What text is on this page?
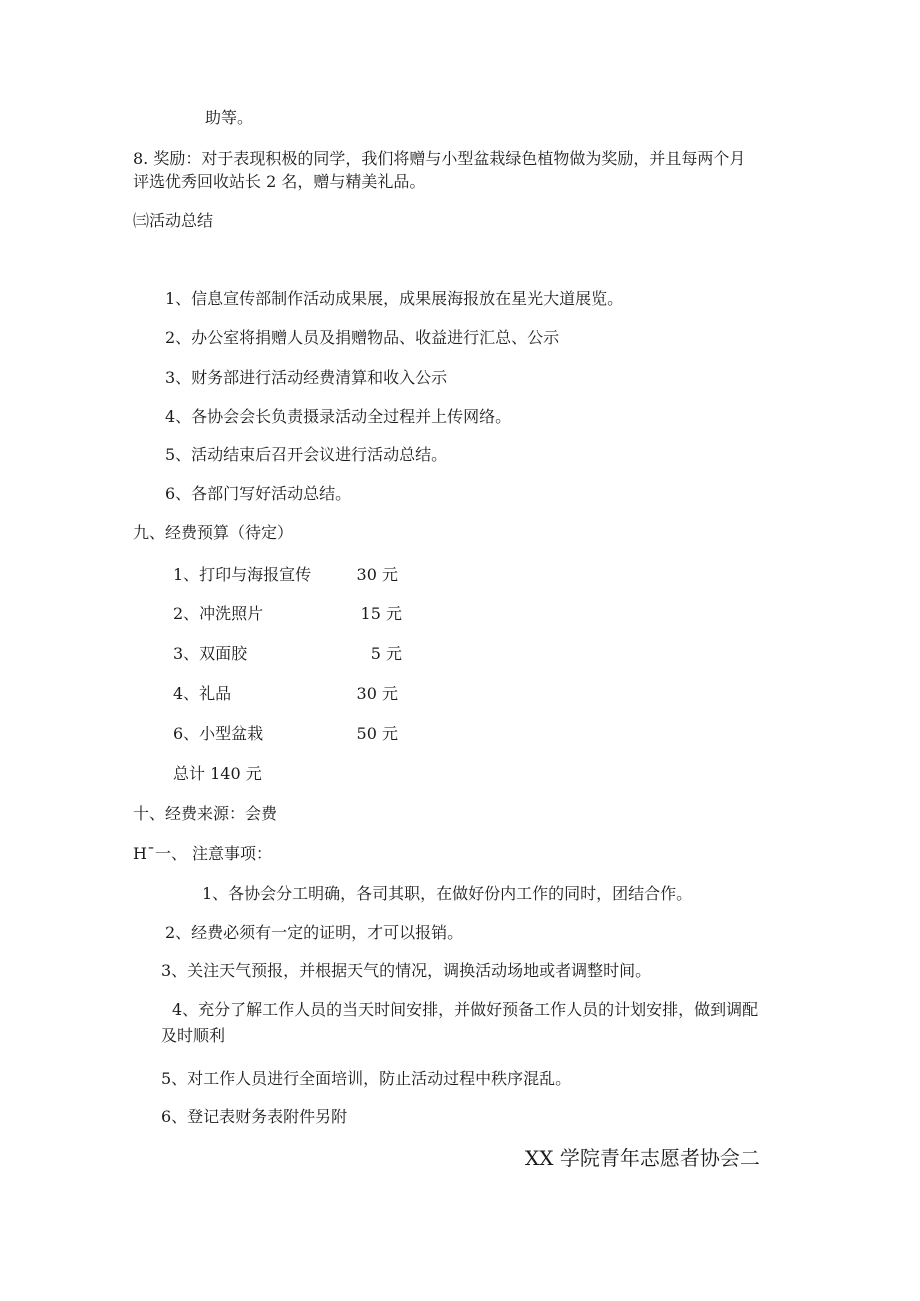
助等。

8. 奖励：对于表现积极的同学，我们将赠与小型盆栽绿色植物做为奖励，并且每两个月

评选优秀回收站长 2 名，赠与精美礼品。

㈢活动总结

1、信息宣传部制作活动成果展，成果展海报放在星光大道展览。

2、办公室将捐赠人员及捐赠物品、收益进行汇总、公示

3、财务部进行活动经费清算和收入公示

4、各协会会长负责摄录活动全过程并上传网络。

5、活动结束后召开会议进行活动总结。

6、各部门写好活动总结。

九、经费预算（待定）

1、打印与海报宣传	30 元

2、冲洗照片	15 元

3、双面胶	5 元

4、礼品	30 元

6、小型盆栽	50 元

总计 140 元

十、经费来源：会费

Hˉ一、 注意事项：

1、各协会分工明确，各司其职，在做好份内工作的同时，团结合作。

2、经费必须有一定的证明，才可以报销。

3、关注天气预报，并根据天气的情况，调换活动场地或者调整时间。

4、充分了解工作人员的当天时间安排，并做好预备工作人员的计划安排，做到调配

及时顺利

5、对工作人员进行全面培训，防止活动过程中秩序混乱。

6、登记表财务表附件另附

XX 学院青年志愿者协会二
